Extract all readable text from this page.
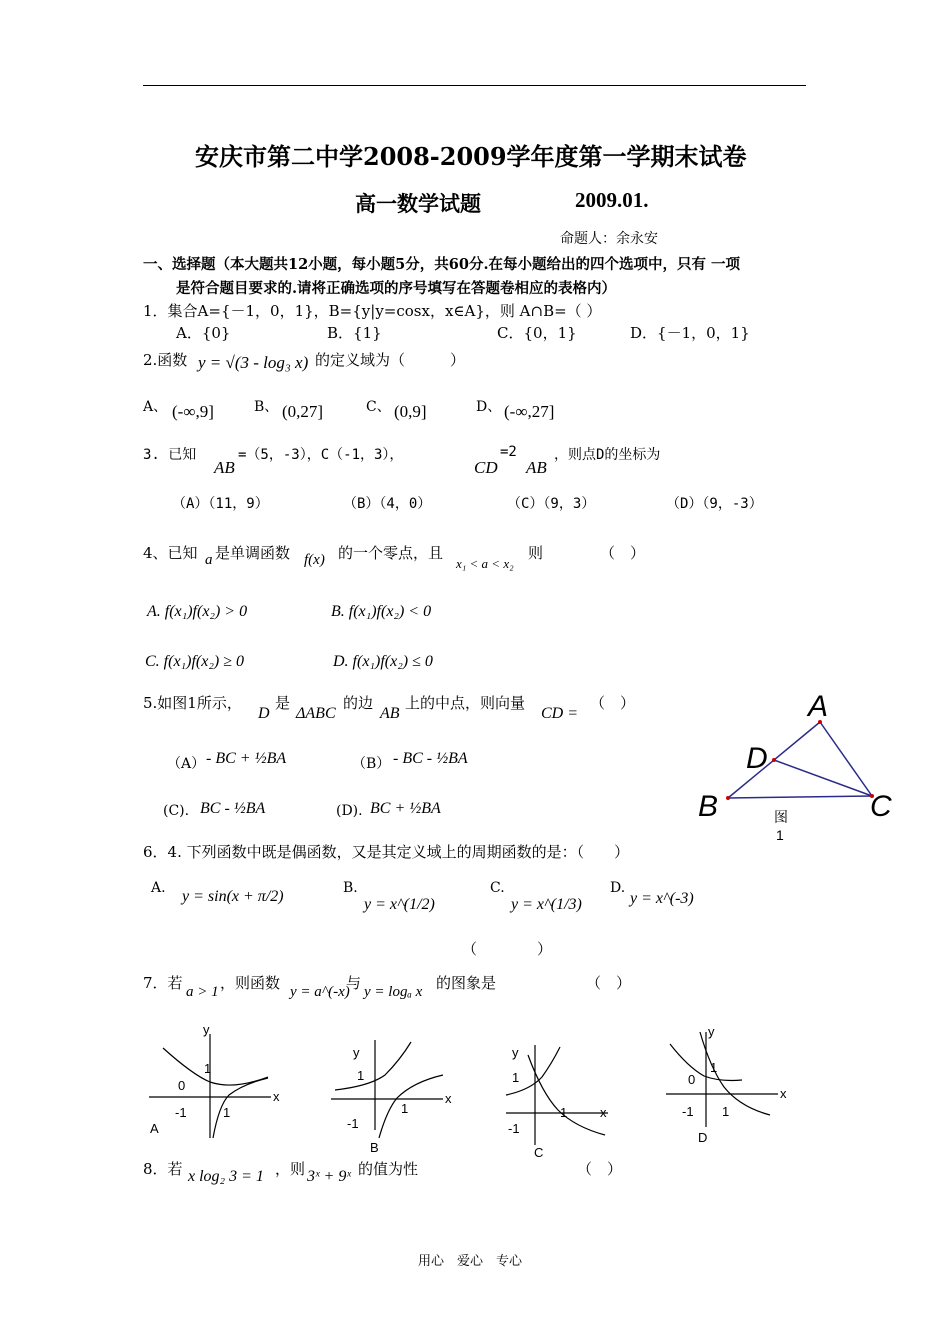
安庆市第二中学2008-2009学年度第一学期末试卷
高一数学试题	2009.01.
命题人：余永安
一、选择题（本大题共12小题，每小题5分，共60分.在每小题给出的四个选项中，只有 一项
是符合题目要求的.请将正确选项的序号填写在答题卷相应的表格内）
1．集合A={－1，0，1}，B={y|y=cosx，x∈A}，则 A∩B=（ ）
A．{0}	B．{1}	C．{0，1}	D．{－1，0，1}
2.函数 y = √(3 - log₃ x) 的定义域为（　　　）
A、 (-∞,9]	B、 (0,27]	C、 (0,9]	D、 (-∞,27]
3. 已知
AB
=（5，-3），C（-1，3），
CD
=2
AB
，则点D的坐标为
（A）（11，9）	（B）（4，0）	（C）（9，3）	（D）（9，-3）
4、已知 a 是单调函数 f(x) 的一个零点，且
x₁ < a < x₂
则	（　）
A. f(x₁)f(x₂) > 0	B. f(x₁)f(x₂) < 0
C. f(x₁)f(x₂) ≥ 0	D. f(x₁)f(x₂) ≤ 0
5.如图1所示，
D
是
ΔABC
的边
AB
上的中点，则向量
CD =
（　）
（A） - BC + ½BA	（B） - BC - ½BA
(C). BC - ½BA	(D). BC + ½BA
A
B	C
D
图
1
6．4. 下列函数中既是偶函数，又是其定义域上的周期函数的是：（　　）
A. y = sin(x + π/2)	B.
y = x^(1/2)
C.
y = x^(1/3)
D.
y = x^(-3)
（　　　　）
7．若 a > 1 ，则函数 y = a^(-x)
与 y = logₐ x 的图象是	（　）
x
y
1
0
-1	1
A
x
y
1
-1
1
B
x
y
1
-1
1
C
x
y
1
0
-1 1
D
8．若 x log₂ 3 = 1 ，则 3ˣ + 9ˣ 的值为性	（　）
用心　爱心　专心
